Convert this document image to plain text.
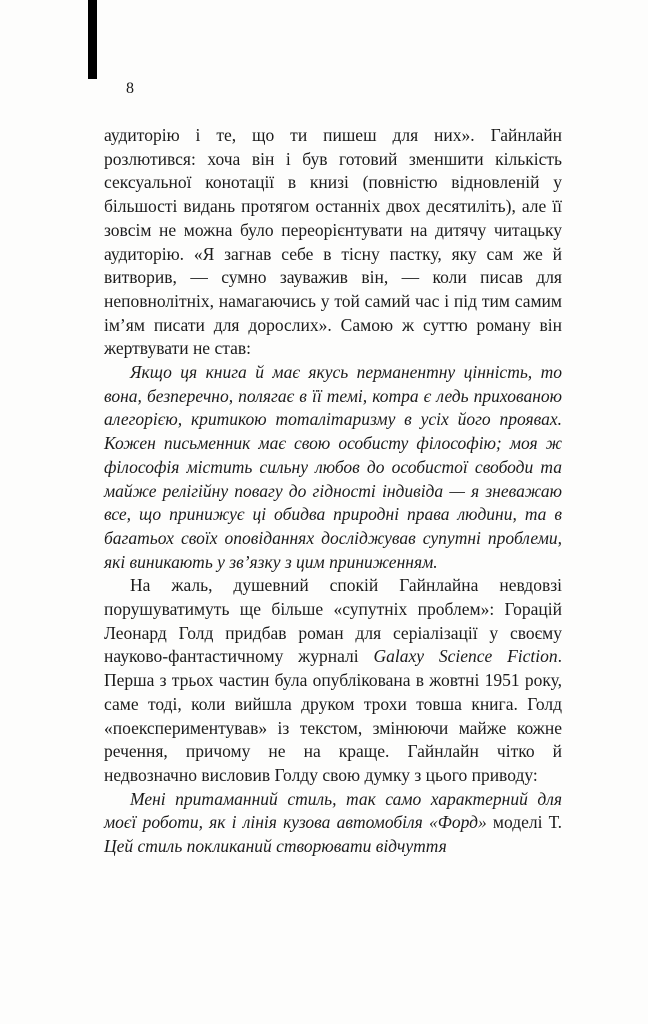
8

аудиторію і те, що ти пишеш для них». Гайнлайн розлютився: хоча він і був готовий зменшити кількість сексуальної конотації в книзі (повністю відновленій у більшості видань протягом останніх двох десятиліть), але її зовсім не можна було переорієнтувати на дитячу читацьку аудиторію. «Я загнав себе в тісну пастку, яку сам же й витворив, — сумно зауважив він, — коли писав для неповнолітніх, намагаючись у той самий час і під тим самим ім’ям писати для дорослих». Самою ж суттю роману він жертвувати не став:

Якщо ця книга й має якусь перманентну цінність, то вона, безперечно, полягає в її темі, котра є ледь прихованою алегорією, критикою тоталітаризму в усіх його проявах. Кожен письменник має свою особисту філософію; моя ж філософія містить сильну любов до особистої свободи та майже релігійну повагу до гідності індивіда — я зневажаю все, що принижує ці обидва природні права людини, та в багатьох своїх оповіданнях досліджував супутні проблеми, які виникають у зв’язку з цим приниженням.

На жаль, душевний спокій Гайнлайна невдовзі порушуватимуть ще більше «супутніх проблем»: Горацій Леонард Голд придбав роман для серіалізації у своєму науково-фантастичному журналі Galaxy Science Fiction. Перша з трьох частин була опублікована в жовтні 1951 року, саме тоді, коли вийшла друком трохи товша книга. Голд «поекспериментував» із текстом, змінюючи майже кожне речення, причому не на краще. Гайнлайн чітко й недвозначно висловив Голду свою думку з цього приводу:

Мені притаманний стиль, так само характерний для моєї роботи, як і лінія кузова автомобіля «Форд» моделі Т. Цей стиль покликаний створювати відчуття
